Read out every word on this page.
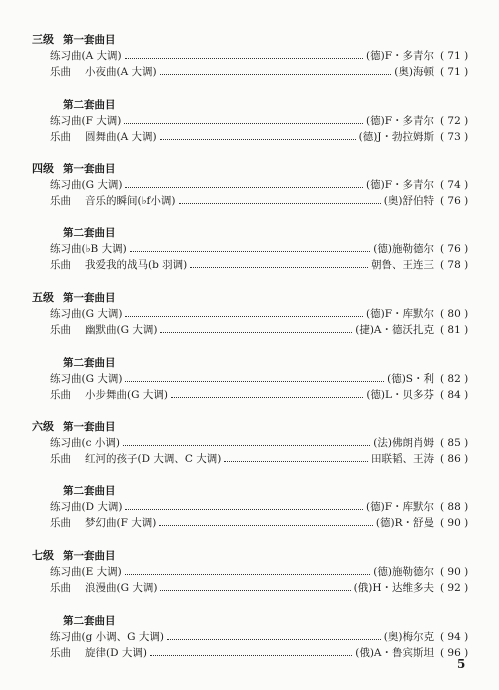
三级 第一套曲目
练习曲(A 大调)	(德)F・多青尔 ( 71 )
乐曲 小夜曲(A 大调)	(奥)海顿 ( 71 )
第二套曲目
练习曲(F 大调)	(德)F・多青尔 ( 72 )
乐曲 圆舞曲(A 大调)	(德)J・勃拉姆斯 ( 73 )
四级 第一套曲目
练习曲(G 大调)	(德)F・多青尔 ( 74 )
乐曲 音乐的瞬间(♭f小调)	(奥)舒伯特 ( 76 )
第二套曲目
练习曲(♭B 大调)	(德)施勒德尔 ( 76 )
乐曲 我爱我的战马(b 羽调)	朝鲁、王连三 ( 78 )
五级 第一套曲目
练习曲(G 大调)	(德)F・库默尔 ( 80 )
乐曲 幽默曲(G 大调)	(捷)A・德沃扎克 ( 81 )
第二套曲目
练习曲(G 大调)	(德)S・利 ( 82 )
乐曲 小步舞曲(G 大调)	(德)L・贝多芬 ( 84 )
六级 第一套曲目
练习曲(c 小调)	(法)佛朗肖姆 ( 85 )
乐曲 红河的孩子(D 大调、C 大调)	田联韬、王涛 ( 86 )
第二套曲目
练习曲(D 大调)	(德)F・库默尔 ( 88 )
乐曲 梦幻曲(F 大调)	(德)R・舒曼 ( 90 )
七级 第一套曲目
练习曲(E 大调)	(德)施勒德尔 ( 90 )
乐曲 浪漫曲(G 大调)	(俄)H・达维多夫 ( 92 )
第二套曲目
练习曲(g 小调、G 大调)	(奥)梅尔克 ( 94 )
乐曲 旋律(D 大调)	(俄)A・鲁宾斯坦 ( 96 )
5
